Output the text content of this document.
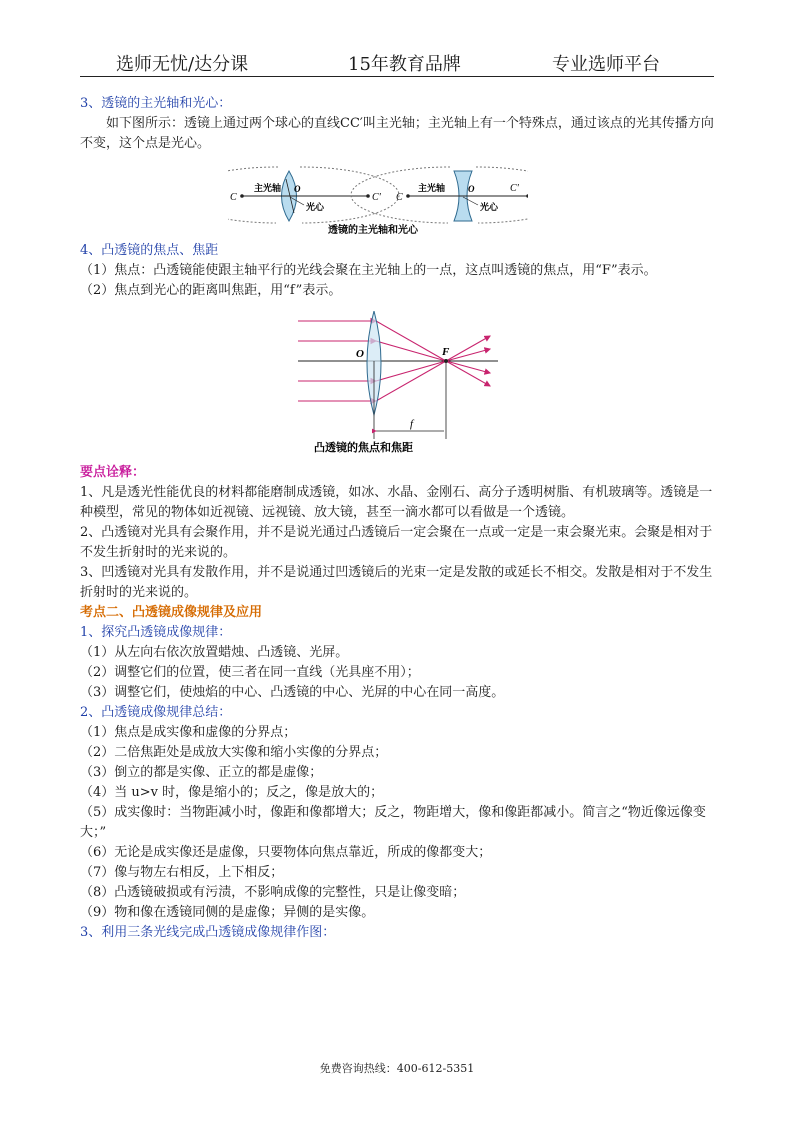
选师无忧/达分课	15年教育品牌	专业选师平台

3、透镜的主光轴和光心：

如下图所示：透镜上通过两个球心的直线CC′叫主光轴；主光轴上有一个特殊点，通过该点的光其传播方向不变，这个点是光心。

C	C'
主光轴 O
光心
C
C'
主光轴	O
光心
透镜的主光轴和光心

4、凸透镜的焦点、焦距

（1）焦点：凸透镜能使跟主轴平行的光线会聚在主光轴上的一点，这点叫透镜的焦点，用“F”表示。

（2）焦点到光心的距离叫焦距，用“f”表示。

O	F
f
凸透镜的焦点和焦距

要点诠释：

1、凡是透光性能优良的材料都能磨制成透镜，如冰、水晶、金刚石、高分子透明树脂、有机玻璃等。透镜是一种模型，常见的物体如近视镜、远视镜、放大镜，甚至一滴水都可以看做是一个透镜。

2、凸透镜对光具有会聚作用，并不是说光通过凸透镜后一定会聚在一点或一定是一束会聚光束。会聚是相对于不发生折射时的光来说的。

3、凹透镜对光具有发散作用，并不是说通过凹透镜后的光束一定是发散的或延长不相交。发散是相对于不发生折射时的光来说的。

考点二、凸透镜成像规律及应用

1、探究凸透镜成像规律：

（1）从左向右依次放置蜡烛、凸透镜、光屏。

（2）调整它们的位置，使三者在同一直线（光具座不用）；

（3）调整它们，使烛焰的中心、凸透镜的中心、光屏的中心在同一高度。

2、凸透镜成像规律总结：

（1）焦点是成实像和虚像的分界点；

（2）二倍焦距处是成放大实像和缩小实像的分界点；

（3）倒立的都是实像、正立的都是虚像；

（4）当 u>v 时，像是缩小的；反之，像是放大的；

（5）成实像时：当物距减小时，像距和像都增大；反之，物距增大，像和像距都减小。简言之“物近像远像变大；”

（6）无论是成实像还是虚像，只要物体向焦点靠近，所成的像都变大；

（7）像与物左右相反，上下相反；

（8）凸透镜破损或有污渍，不影响成像的完整性，只是让像变暗；

（9）物和像在透镜同侧的是虚像；异侧的是实像。

3、利用三条光线完成凸透镜成像规律作图：

免费咨询热线：400-612-5351
